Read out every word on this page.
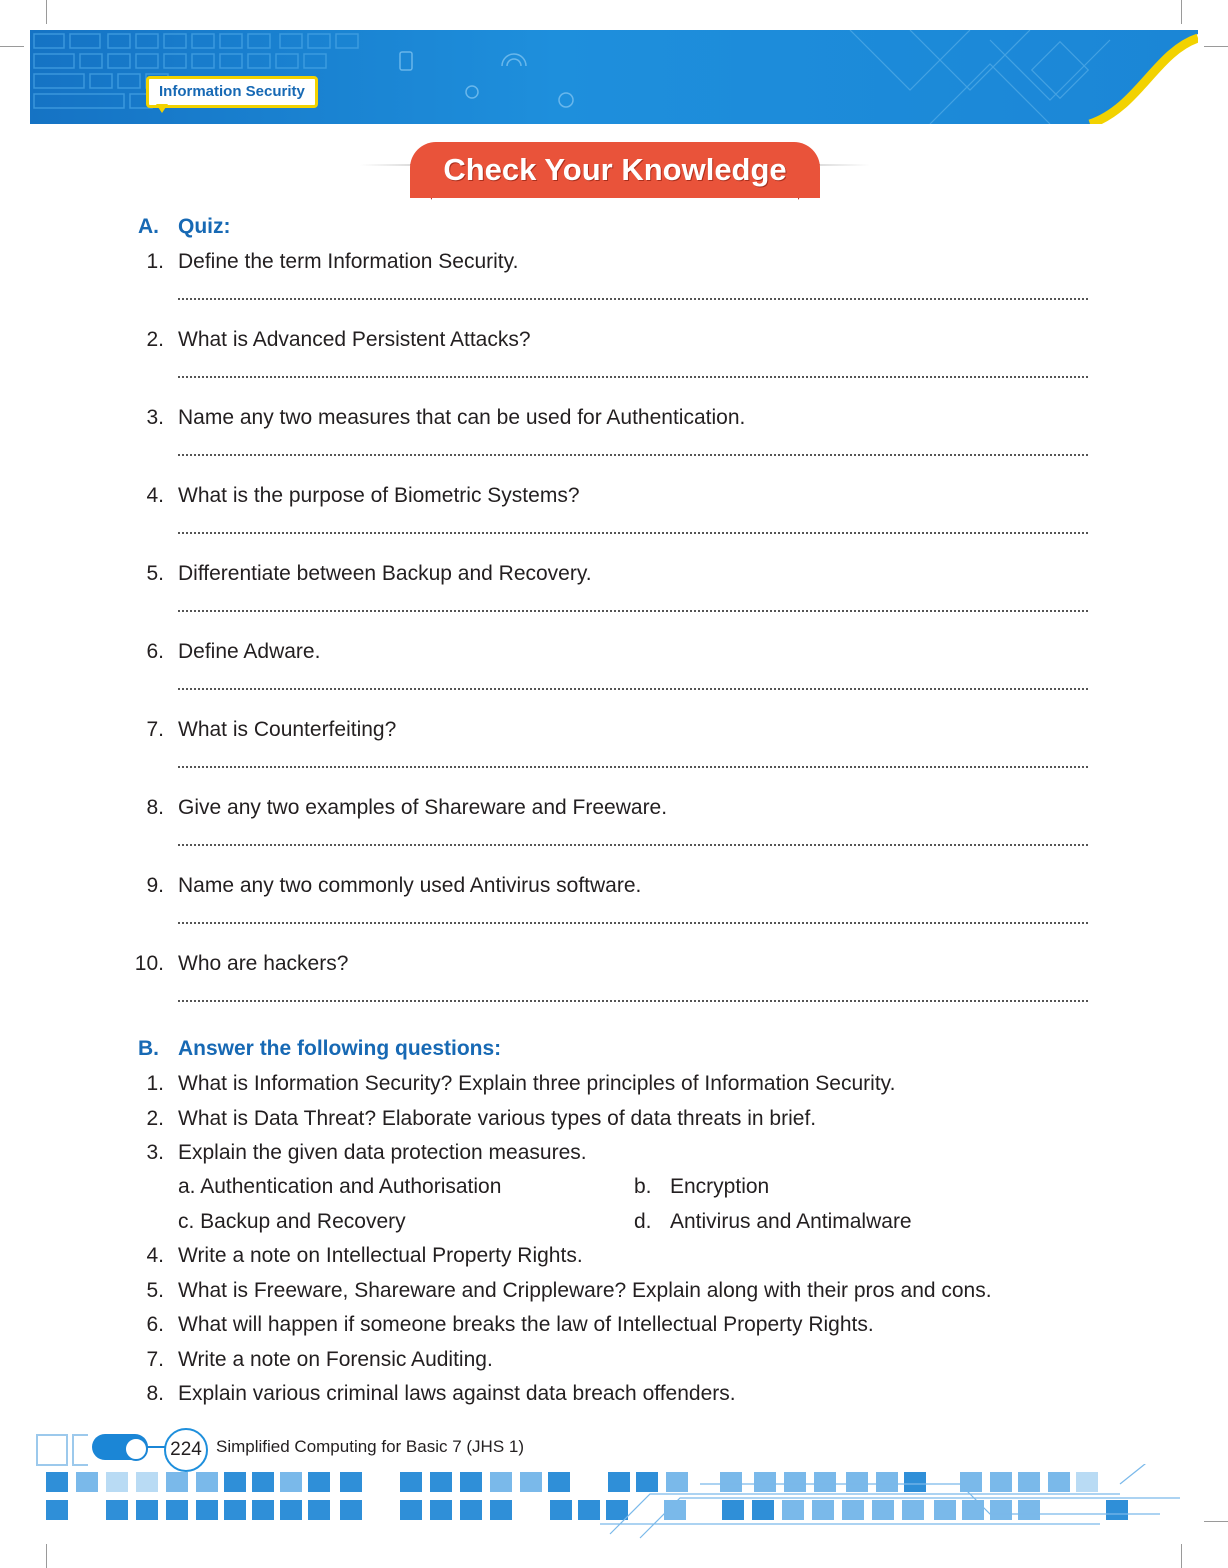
Information Security
Check Your Knowledge
A. Quiz:
1. Define the term Information Security.
2. What is Advanced Persistent Attacks?
3. Name any two measures that can be used for Authentication.
4. What is the purpose of Biometric Systems?
5. Differentiate between Backup and Recovery.
6. Define Adware.
7. What is Counterfeiting?
8. Give any two examples of Shareware and Freeware.
9. Name any two commonly used Antivirus software.
10. Who are hackers?
B. Answer the following questions:
1. What is Information Security? Explain three principles of Information Security.
2. What is Data Threat? Elaborate various types of data threats in brief.
3. Explain the given data protection measures.
a. Authentication and Authorisation	b. Encryption
c. Backup and Recovery	d. Antivirus and Antimalware
4. Write a note on Intellectual Property Rights.
5. What is Freeware, Shareware and Crippleware? Explain along with their pros and cons.
6. What will happen if someone breaks the law of Intellectual Property Rights.
7. Write a note on Forensic Auditing.
8. Explain various criminal laws against data breach offenders.
224 Simplified Computing for Basic 7 (JHS 1)
